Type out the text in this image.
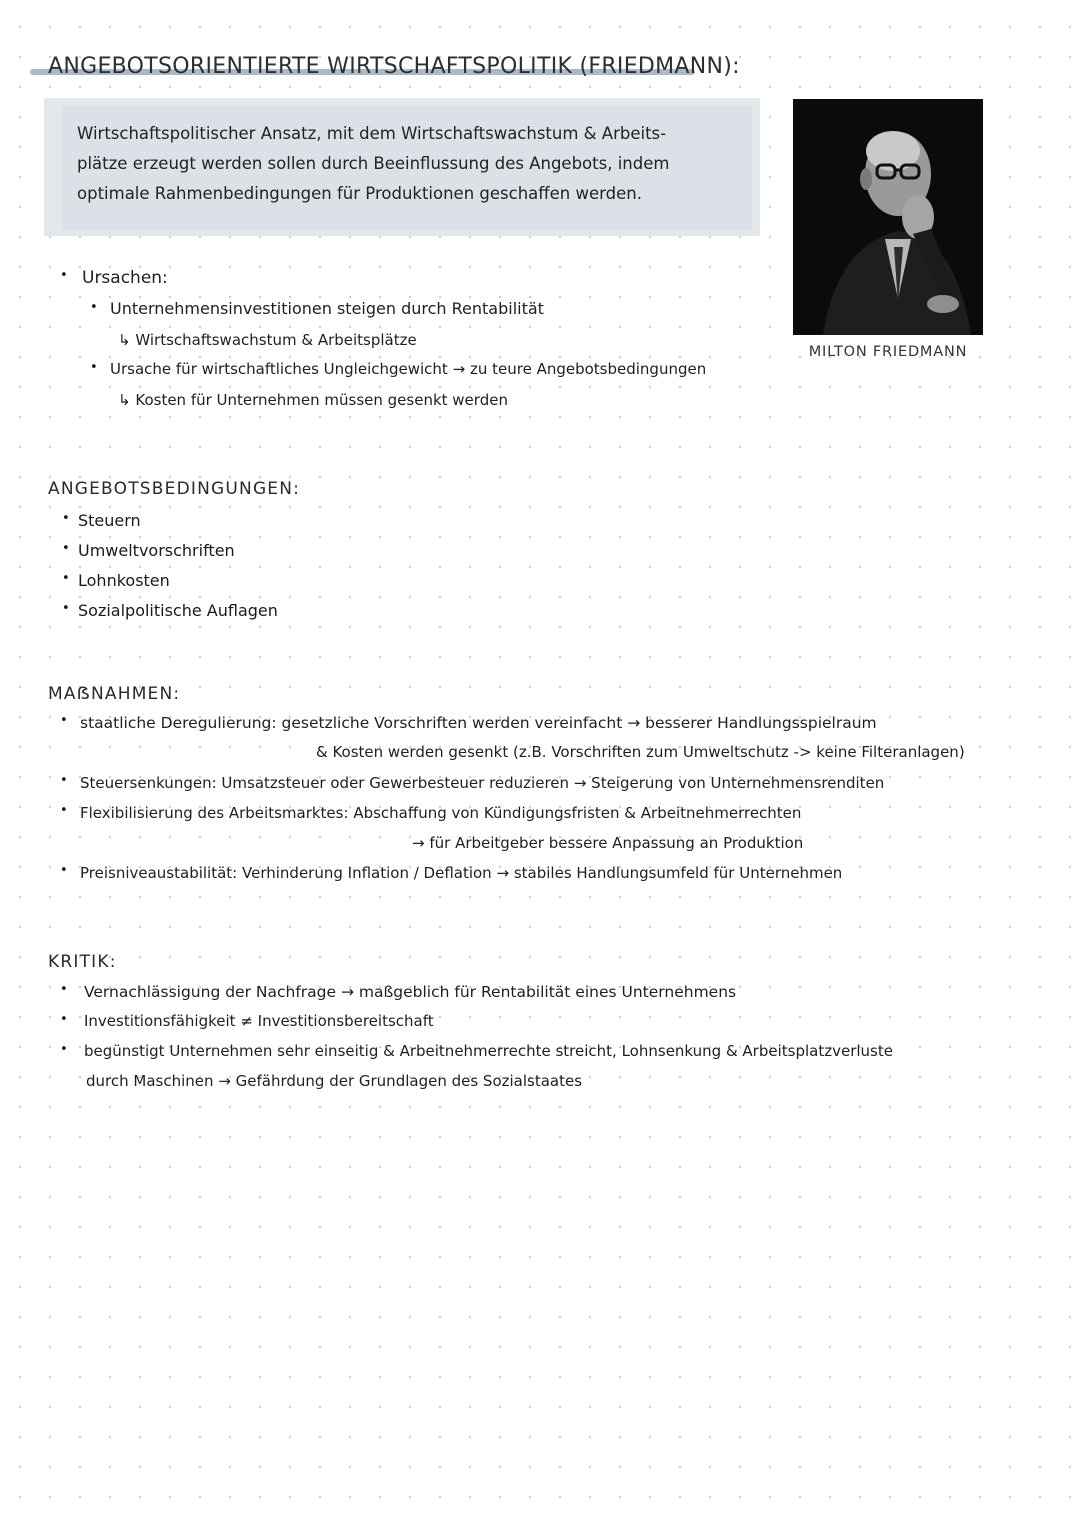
ANGEBOTSORIENTIERTE WIRTSCHAFTSPOLITIK (FRIEDMANN):
Wirtschaftspolitischer Ansatz, mit dem Wirtschaftswachstum & Arbeits-
plätze erzeugt werden sollen durch Beeinflussung des Angebots, indem
optimale Rahmenbedingungen für Produktionen geschaffen werden.
MILTON FRIEDMANN
• Ursachen:
• Unternehmensinvestitionen steigen durch Rentabilität
↳ Wirtschaftswachstum & Arbeitsplätze
• Ursache für wirtschaftliches Ungleichgewicht → zu teure Angebotsbedingungen
↳ Kosten für Unternehmen müssen gesenkt werden
ANGEBOTSBEDINGUNGEN:
• Steuern
• Umweltvorschriften
• Lohnkosten
• Sozialpolitische Auflagen
MAẞNAHMEN:
• staatliche Deregulierung: gesetzliche Vorschriften werden vereinfacht → besserer Handlungsspielraum
& Kosten werden gesenkt (z.B. Vorschriften zum Umweltschutz -> keine Filteranlagen)
• Steuersenkungen: Umsatzsteuer oder Gewerbesteuer reduzieren → Steigerung von Unternehmensrenditen
• Flexibilisierung des Arbeitsmarktes: Abschaffung von Kündigungsfristen & Arbeitnehmerrechten
→ für Arbeitgeber bessere Anpassung an Produktion
• Preisniveaustabilität: Verhinderung Inflation / Deflation → stabiles Handlungsumfeld für Unternehmen
KRITIK:
• Vernachlässigung der Nachfrage → maßgeblich für Rentabilität eines Unternehmens
• Investitionsfähigkeit ≠ Investitionsbereitschaft
• begünstigt Unternehmen sehr einseitig & Arbeitnehmerrechte streicht, Lohnsenkung & Arbeitsplatzverluste
durch Maschinen → Gefährdung der Grundlagen des Sozialstaates
